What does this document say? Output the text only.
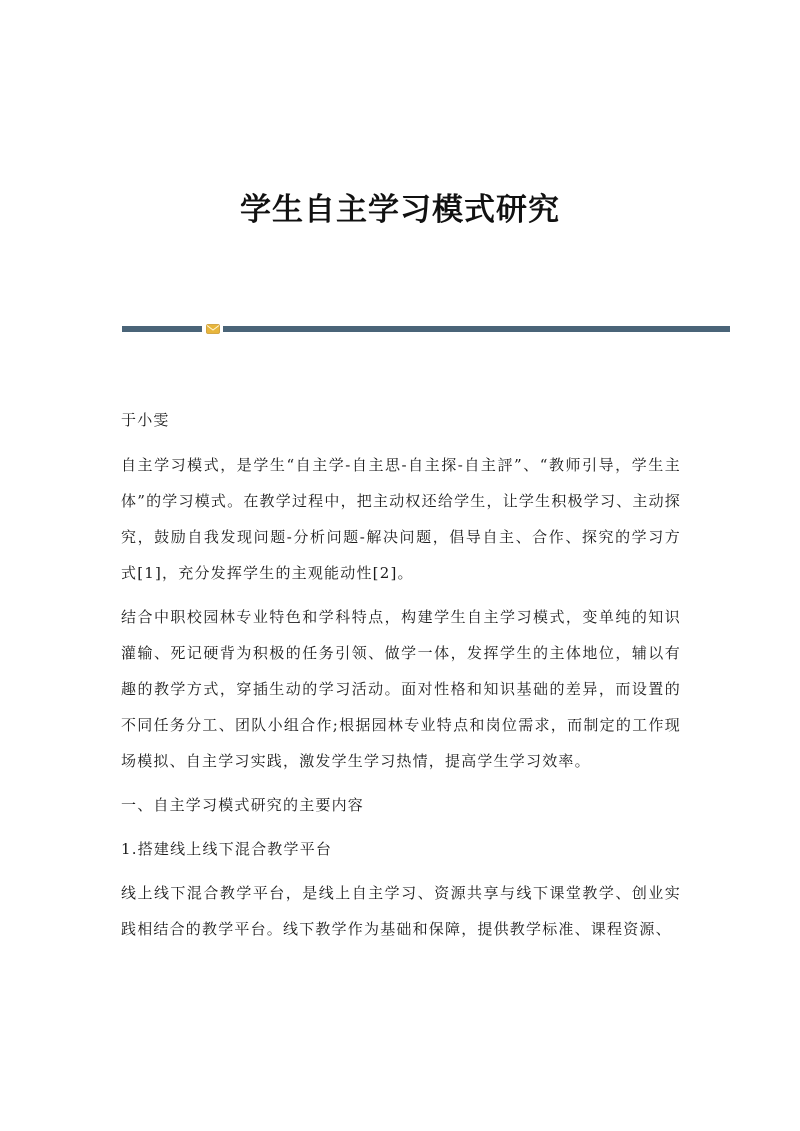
学生自主学习模式研究

于小雯

自主学习模式，是学生“自主学-自主思-自主探-自主評”、“教师引导，学生主体”的学习模式。在教学过程中，把主动权还给学生，让学生积极学习、主动探究，鼓励自我发现问题-分析问题-解决问题，倡导自主、合作、探究的学习方式[1]，充分发挥学生的主观能动性[2]。

结合中职校园林专业特色和学科特点，构建学生自主学习模式，变单纯的知识灌输、死记硬背为积极的任务引领、做学一体，发挥学生的主体地位，辅以有趣的教学方式，穿插生动的学习活动。面对性格和知识基础的差异，而设置的不同任务分工、团队小组合作;根据园林专业特点和岗位需求，而制定的工作现场模拟、自主学习实践，激发学生学习热情，提高学生学习效率。

一、自主学习模式研究的主要内容

1.搭建线上线下混合教学平台

线上线下混合教学平台，是线上自主学习、资源共享与线下课堂教学、创业实践相结合的教学平台。线下教学作为基础和保障，提供教学标准、课程资源、
